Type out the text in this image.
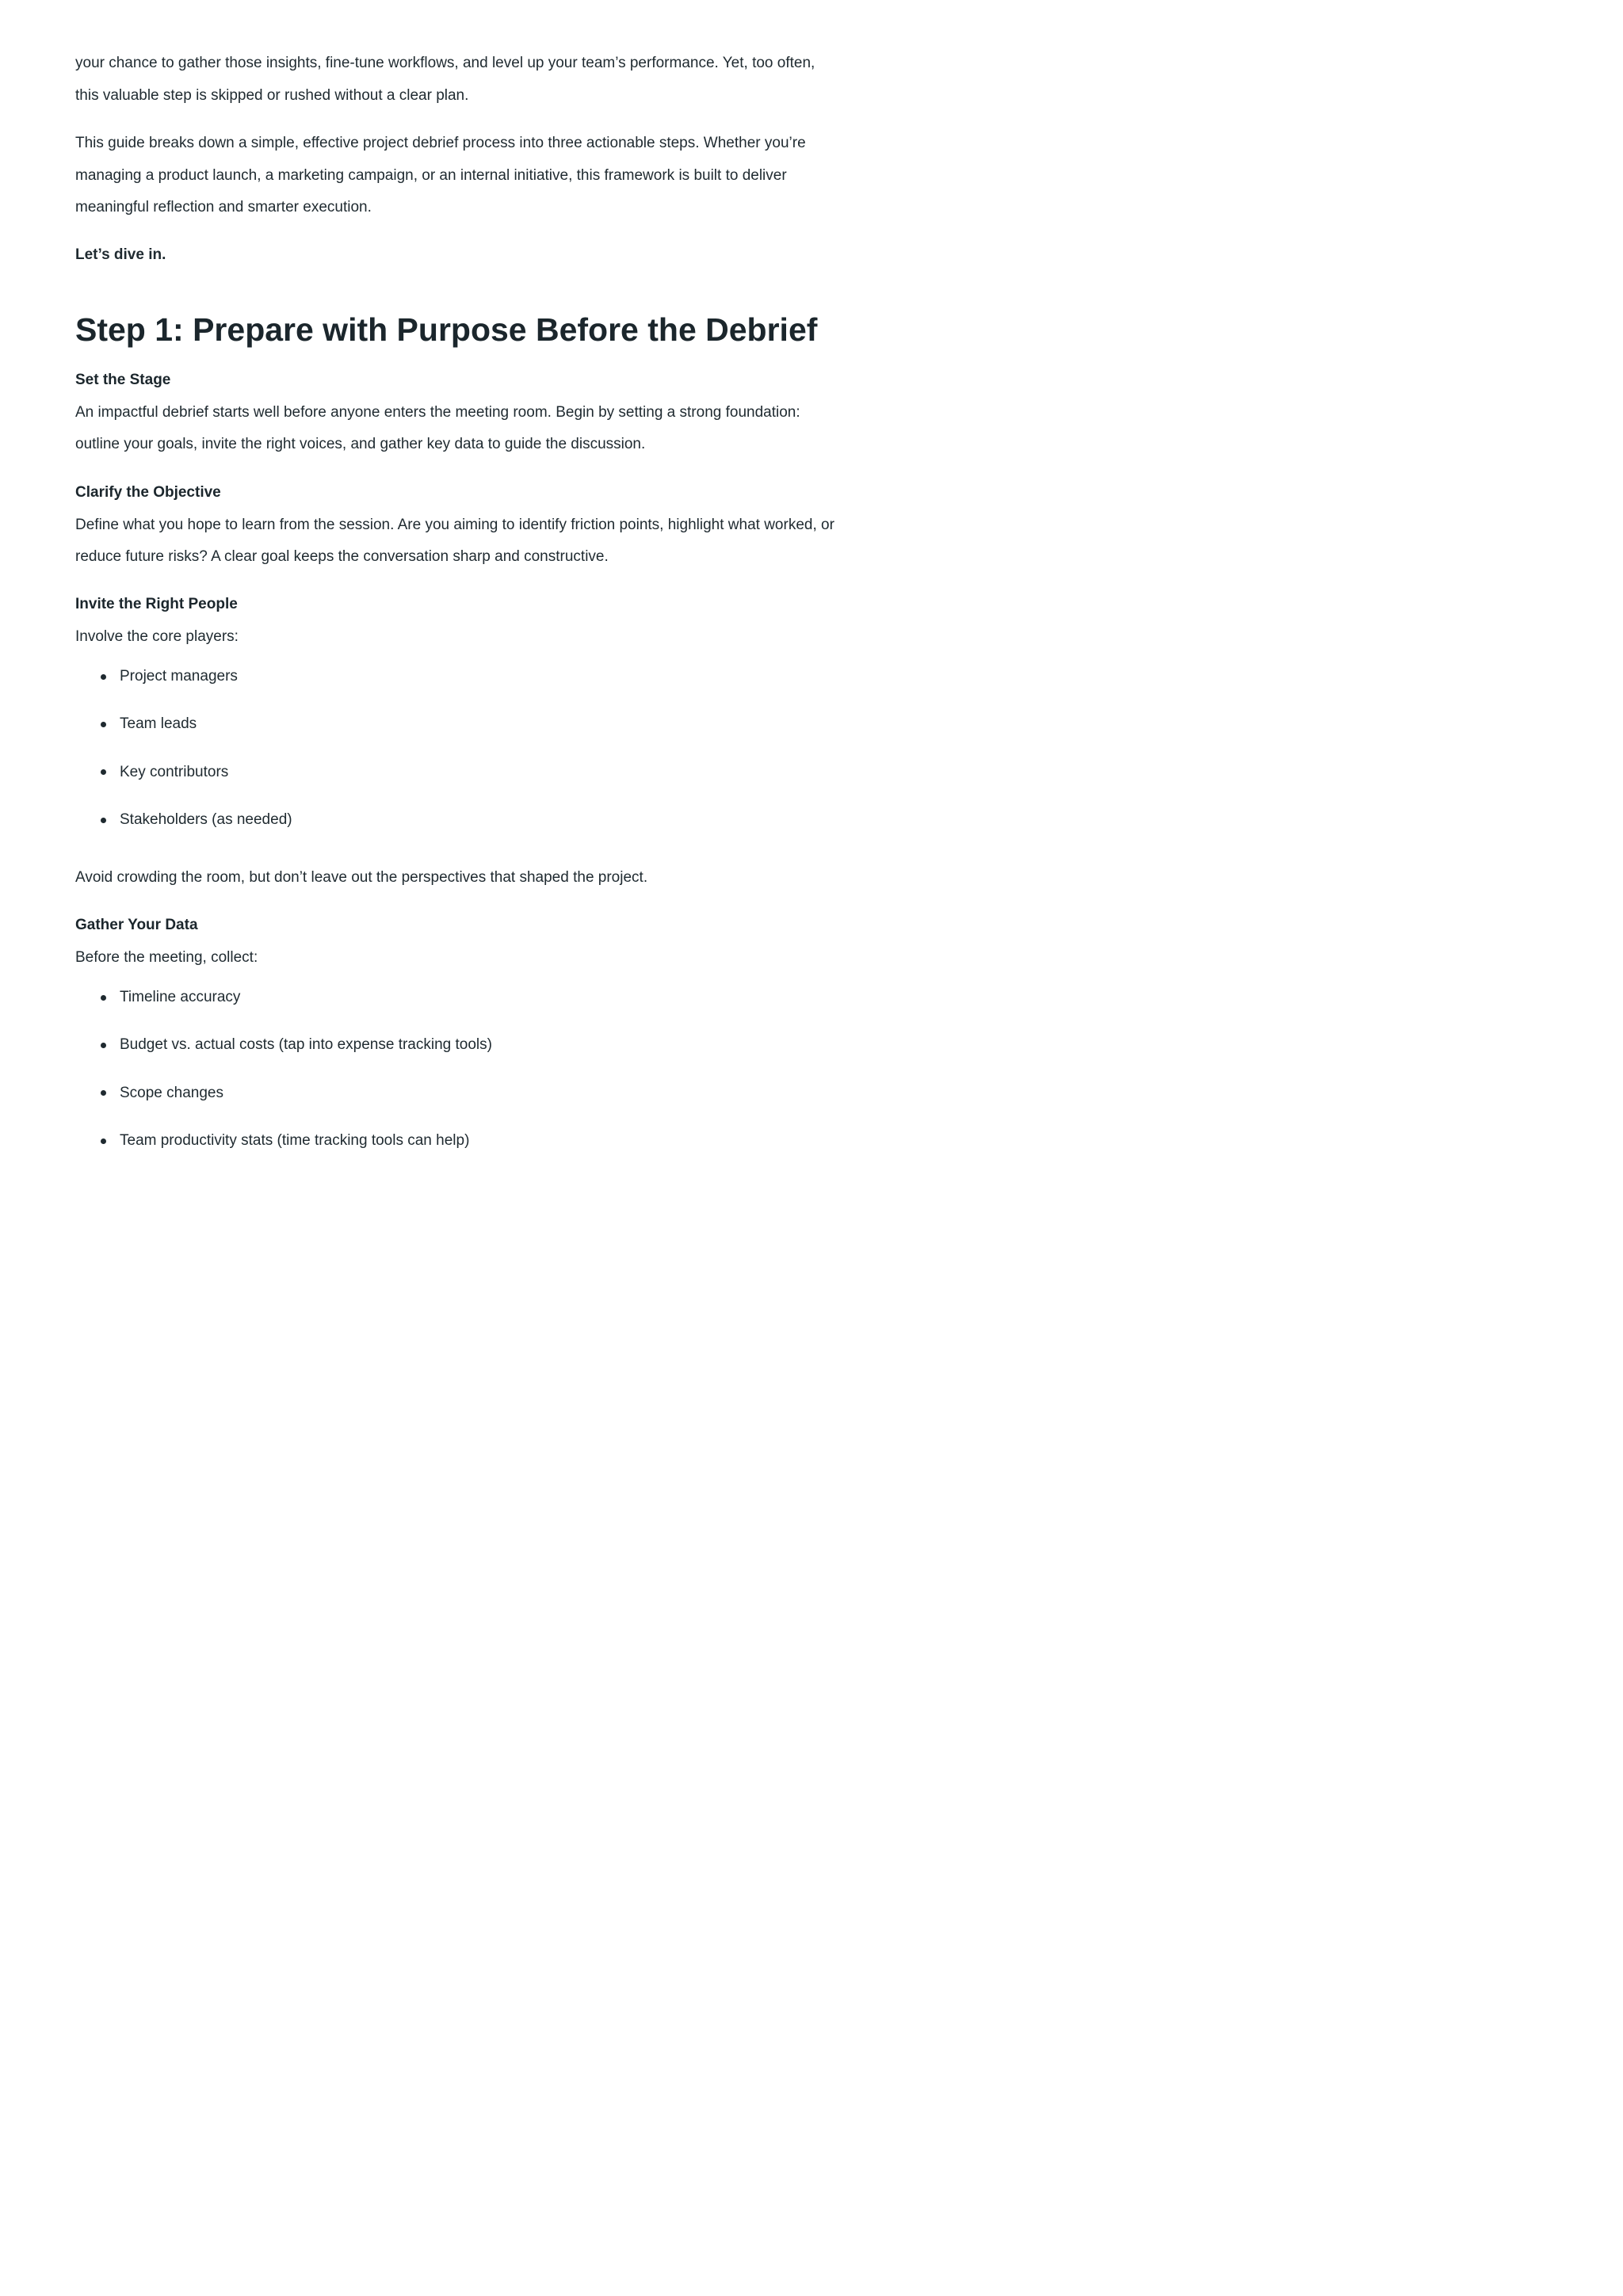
your chance to gather those insights, fine-tune workflows, and level up your team’s performance. Yet, too often, this valuable step is skipped or rushed without a clear plan.

This guide breaks down a simple, effective project debrief process into three actionable steps. Whether you’re managing a product launch, a marketing campaign, or an internal initiative, this framework is built to deliver meaningful reflection and smarter execution.

Let’s dive in.

Step 1: Prepare with Purpose Before the Debrief
Set the Stage

An impactful debrief starts well before anyone enters the meeting room. Begin by setting a strong foundation: outline your goals, invite the right voices, and gather key data to guide the discussion.

Clarify the Objective

Define what you hope to learn from the session. Are you aiming to identify friction points, highlight what worked, or reduce future risks? A clear goal keeps the conversation sharp and constructive.

Invite the Right People

Involve the core players:

Project managers
Team leads
Key contributors
Stakeholders (as needed)

Avoid crowding the room, but don’t leave out the perspectives that shaped the project.

Gather Your Data

Before the meeting, collect:

Timeline accuracy
Budget vs. actual costs (tap into expense tracking tools)
Scope changes
Team productivity stats (time tracking tools can help)
